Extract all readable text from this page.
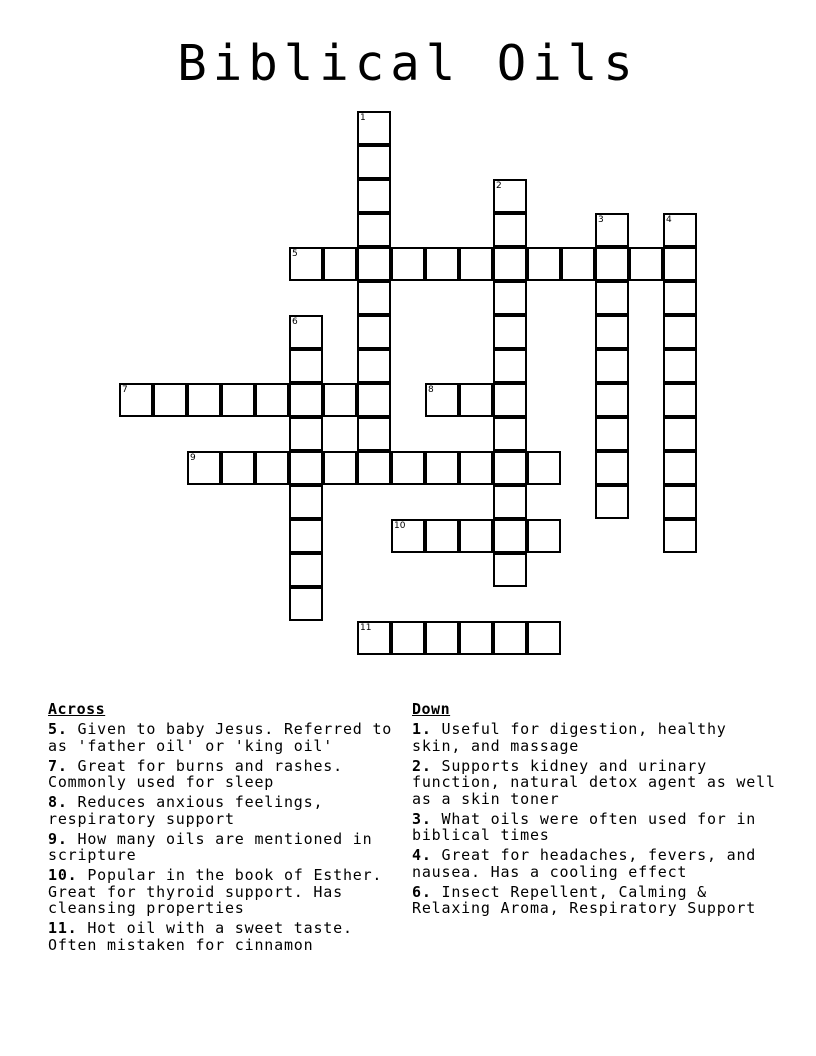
Biblical Oils
1
2
3	4
5
6
7	8
9
10
11
Across
5. Given to baby Jesus. Referred to as 'father oil' or 'king oil'
7. Great for burns and rashes. Commonly used for sleep
8. Reduces anxious feelings, respiratory support
9. How many oils are mentioned in scripture
10. Popular in the book of Esther. Great for thyroid support. Has cleansing properties
11. Hot oil with a sweet taste. Often mistaken for cinnamon
Down
1. Useful for digestion, healthy skin, and massage
2. Supports kidney and urinary function, natural detox agent as well as a skin toner
3. What oils were often used for in biblical times
4. Great for headaches, fevers, and nausea. Has a cooling effect
6. Insect Repellent, Calming & Relaxing Aroma, Respiratory Support
